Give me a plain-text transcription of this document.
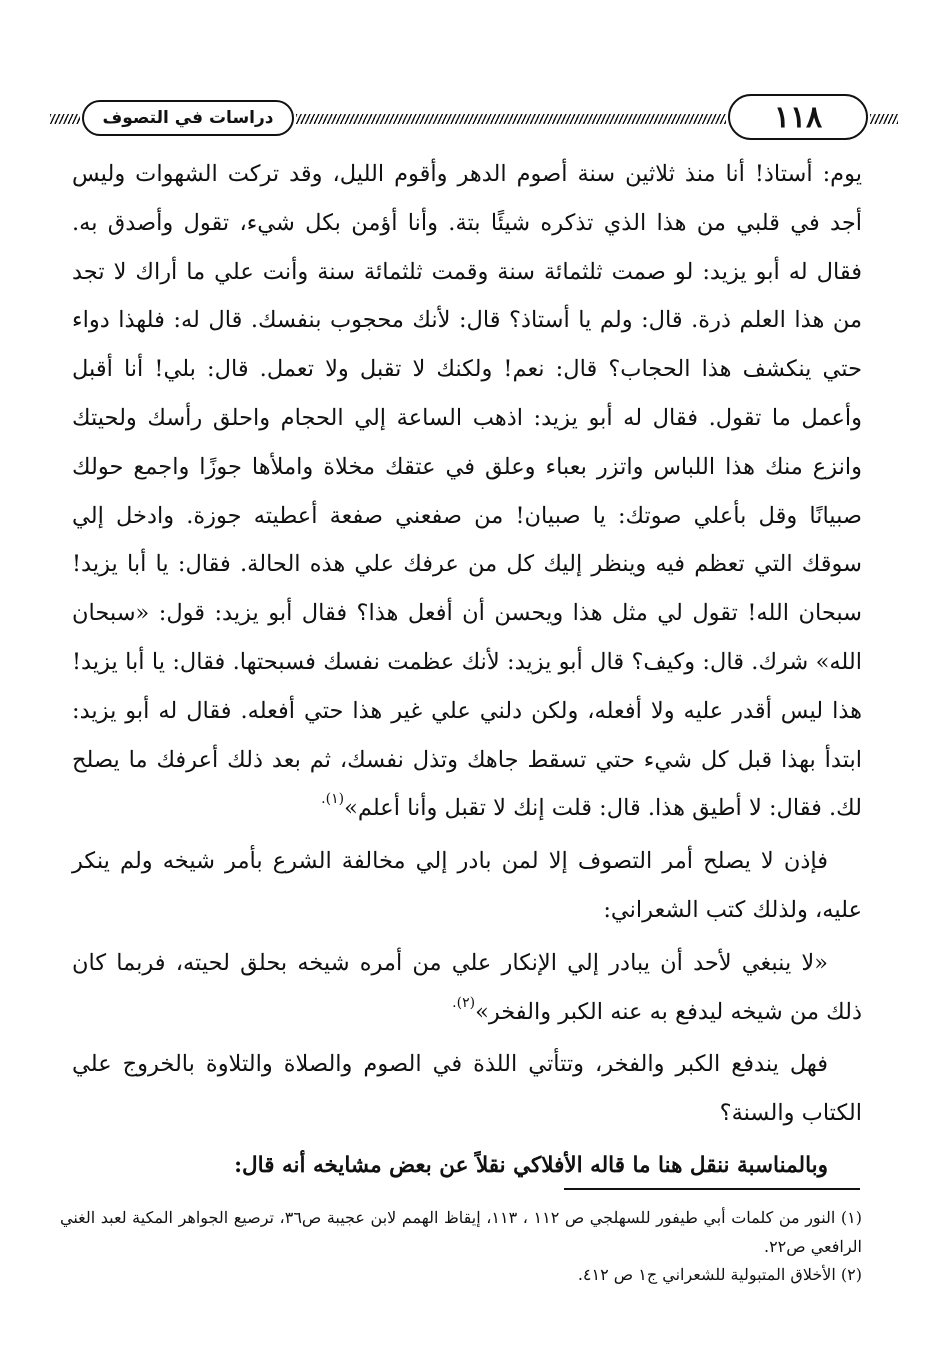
دراسات في التصوف	١١٨

يوم: أستاذ! أنا منذ ثلاثين سنة أصوم الدهر وأقوم الليل، وقد تركت الشهوات وليس أجد في قلبي من هذا الذي تذكره شيئًا بتة. وأنا أؤمن بكل شيء، تقول وأصدق به. فقال له أبو يزيد: لو صمت ثلثمائة سنة وقمت ثلثمائة سنة وأنت علي ما أراك لا تجد من هذا العلم ذرة. قال: ولم يا أستاذ؟ قال: لأنك محجوب بنفسك. قال له: فلهذا دواء حتي ينكشف هذا الحجاب؟ قال: نعم! ولكنك لا تقبل ولا تعمل. قال: بلي! أنا أقبل وأعمل ما تقول. فقال له أبو يزيد: اذهب الساعة إلي الحجام واحلق رأسك ولحيتك وانزع منك هذا اللباس واتزر بعباء وعلق في عتقك مخلاة واملأها جوزًا واجمع حولك صبيانًا وقل بأعلي صوتك: يا صبيان! من صفعني صفعة أعطيته جوزة. وادخل إلي سوقك التي تعظم فيه وينظر إليك كل من عرفك علي هذه الحالة. فقال: يا أبا يزيد! سبحان الله! تقول لي مثل هذا ويحسن أن أفعل هذا؟ فقال أبو يزيد: قول: «سبحان الله» شرك. قال: وكيف؟ قال أبو يزيد: لأنك عظمت نفسك فسبحتها. فقال: يا أبا يزيد! هذا ليس أقدر عليه ولا أفعله، ولكن دلني علي غير هذا حتي أفعله. فقال له أبو يزيد: ابتدأ بهذا قبل كل شيء حتي تسقط جاهك وتذل نفسك، ثم بعد ذلك أعرفك ما يصلح لك. فقال: لا أطيق هذا. قال: قلت إنك لا تقبل وأنا أعلم»$^{(١).}$

فإذن لا يصلح أمر التصوف إلا لمن بادر إلي مخالفة الشرع بأمر شيخه ولم ينكر عليه، ولذلك كتب الشعراني:

«لا ينبغي لأحد أن يبادر إلي الإنكار علي من أمره شيخه بحلق لحيته، فربما كان ذلك من شيخه ليدفع به عنه الكبر والفخر»$^{(٢).}$

فهل يندفع الكبر والفخر، وتتأتي اللذة في الصوم والصلاة والتلاوة بالخروج علي الكتاب والسنة؟

وبالمناسبة ننقل هنا ما قاله الأفلاكي نقلاً عن بعض مشايخه أنه قال:

(١) النور من كلمات أبي طيفور للسهلجي ص ١١٢ ، ١١٣، إيقاظ الهمم لابن عجيبة ص٣٦، ترصيع الجواهر المكية لعبد الغني الرافعي ص٢٢.

(٢) الأخلاق المتبولية للشعراني ج١ ص ٤١٢.
